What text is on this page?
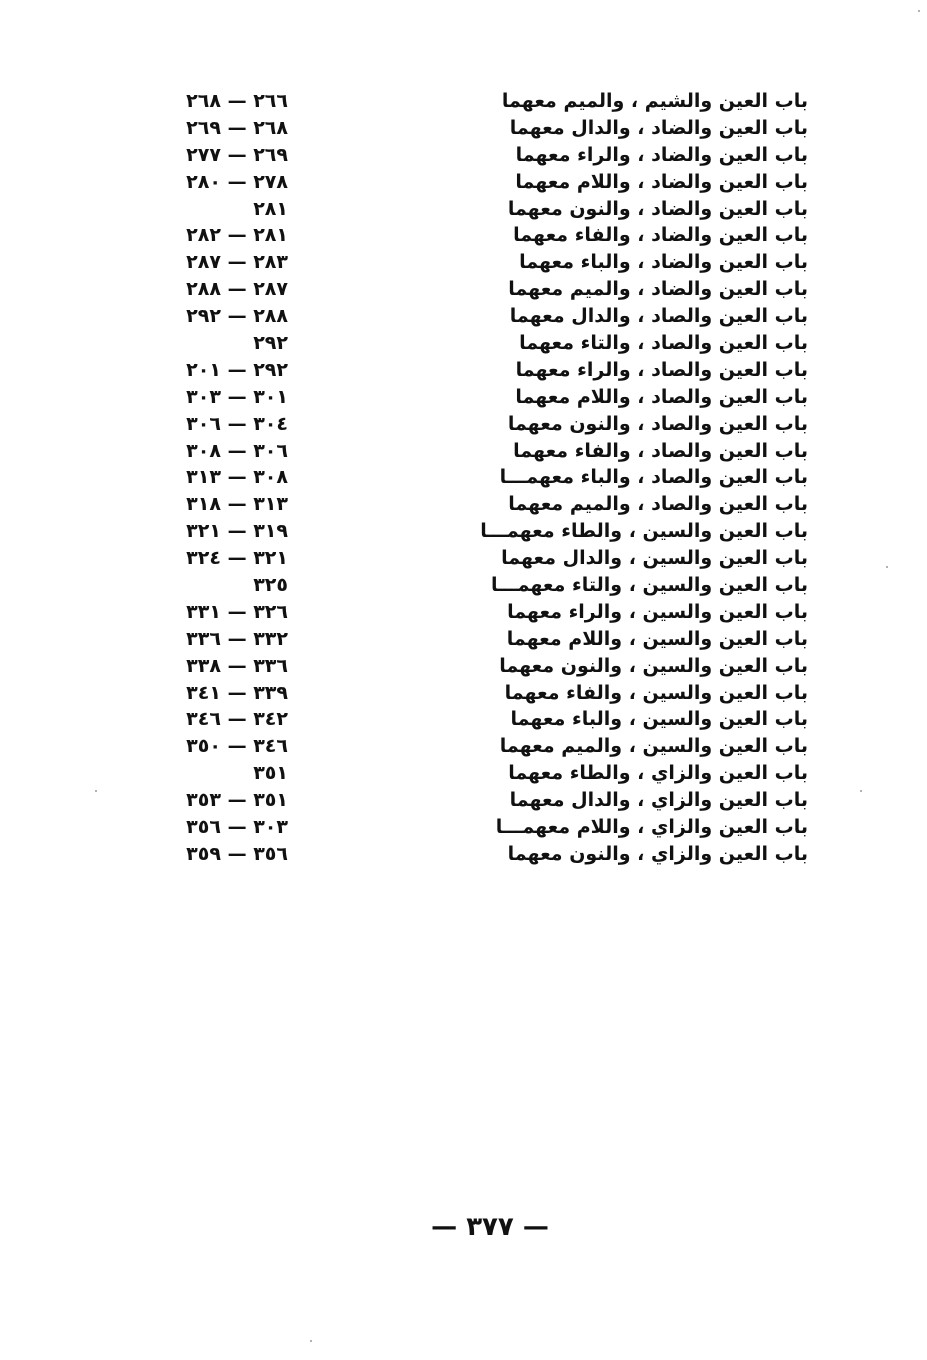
باب العين والشيم ، والميم معهما
٢٦٦ — ٢٦٨
باب العين والضاد ، والدال معهما
٢٦٨ — ٢٦٩
باب العين والضاد ، والراء معهما
٢٦٩ — ٢٧٧
باب العين والضاد ، واللام معهما
٢٧٨ — ٢٨٠
باب العين والضاد ، والنون معهما
٢٨١
باب العين والضاد ، والفاء معهما
٢٨١ — ٢٨٢
باب العين والضاد ، والباء معهما
٢٨٣ — ٢٨٧
باب العين والضاد ، والميم معهما
٢٨٧ — ٢٨٨
باب العين والصاد ، والدال معهما
٢٨٨ — ٢٩٢
باب العين والصاد ، والتاء معهما
٢٩٢
باب العين والصاد ، والراء معهما
٢٩٢ — ٢٠١
باب العين والصاد ، واللام معهما
٣٠١ — ٣٠٣
باب العين والصاد ، والنون معهما
٣٠٤ — ٣٠٦
باب العين والصاد ، والفاء معهما
٣٠٦ — ٣٠٨
باب العين والصاد ، والباء معهمـــا
٣٠٨ — ٣١٣
باب العين والصاد ، والميم معهما
٣١٣ — ٣١٨
باب العين والسين ، والطاء معهمـــا
٣١٩ — ٣٢١
باب العين والسين ، والدال معهما
٣٢١ — ٣٢٤
باب العين والسين ، والتاء معهمـــا
٣٢٥
باب العين والسين ، والراء معهما
٣٢٦ — ٣٣١
باب العين والسين ، واللام معهما
٣٣٢ — ٣٣٦
باب العين والسين ، والنون معهما
٣٣٦ — ٣٣٨
باب العين والسين ، والفاء معهما
٣٣٩ — ٣٤١
باب العين والسين ، والباء معهما
٣٤٢ — ٣٤٦
باب العين والسين ، والميم معهما
٣٤٦ — ٣٥٠
باب العين والزاي ، والطاء معهما
٣٥١
باب العين والزاي ، والدال معهما
٣٥١ — ٣٥٣
باب العين والزاي ، واللام معهمـــا
٣٠٣ — ٣٥٦
باب العين والزاي ، والنون معهما
٣٥٦ — ٣٥٩
— ٣٧٧ —
